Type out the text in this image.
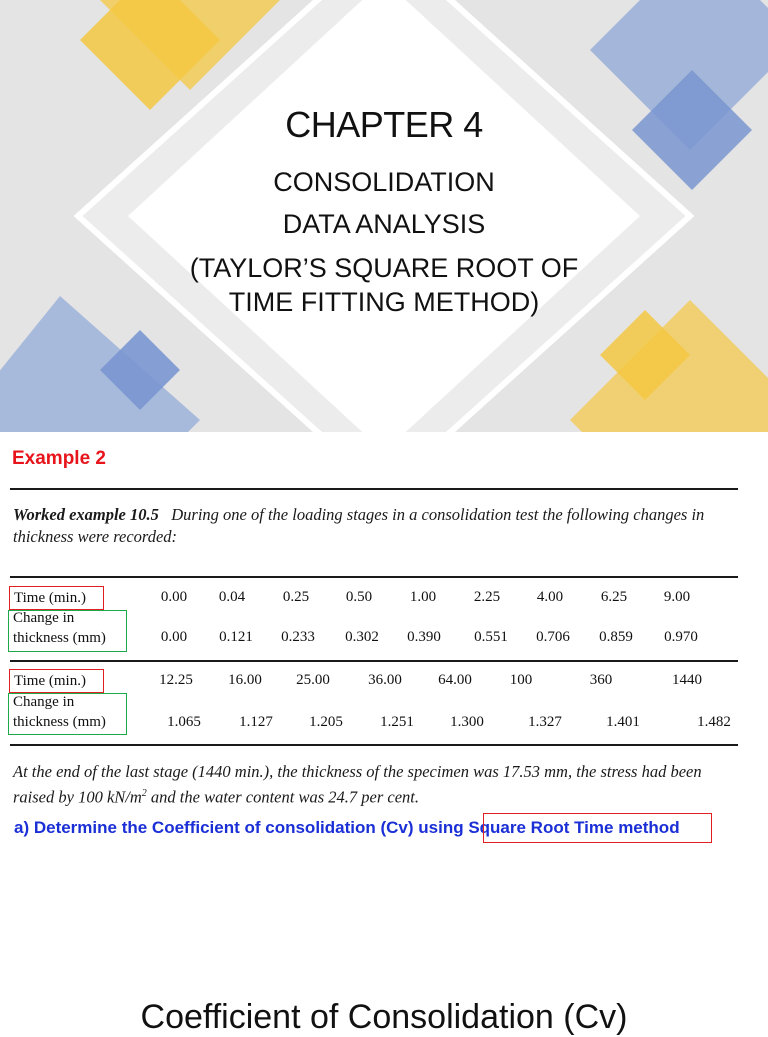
CHAPTER 4
CONSOLIDATION
DATA ANALYSIS
(TAYLOR’S SQUARE ROOT OF
TIME FITTING METHOD)
Example 2
Worked example 10.5 During one of the loading stages in a consolidation test the following changes in thickness were recorded:
Time (min.)	0.00 0.04	0.25 0.50	1.00	2.25 4.00	6.25 9.00
Change in
thickness (mm)	0.00 0.121 0.233 0.302 0.390 0.551 0.706 0.859 0.970
Time (min.)	12.25 16.00 25.00	36.00 64.00	100	360	1440
Change in
thickness (mm)	1.065	1.127 1.205 1.251 1.300	1.327	1.401	1.482
At the end of the last stage (1440 min.), the thickness of the specimen was 17.53 mm, the stress had been raised by 100 $kN/m^2$ and the water content was 24.7 per cent.
a) Determine the Coefficient of consolidation (Cv) using Square Root Time method
Coefficient of Consolidation (Cv)
